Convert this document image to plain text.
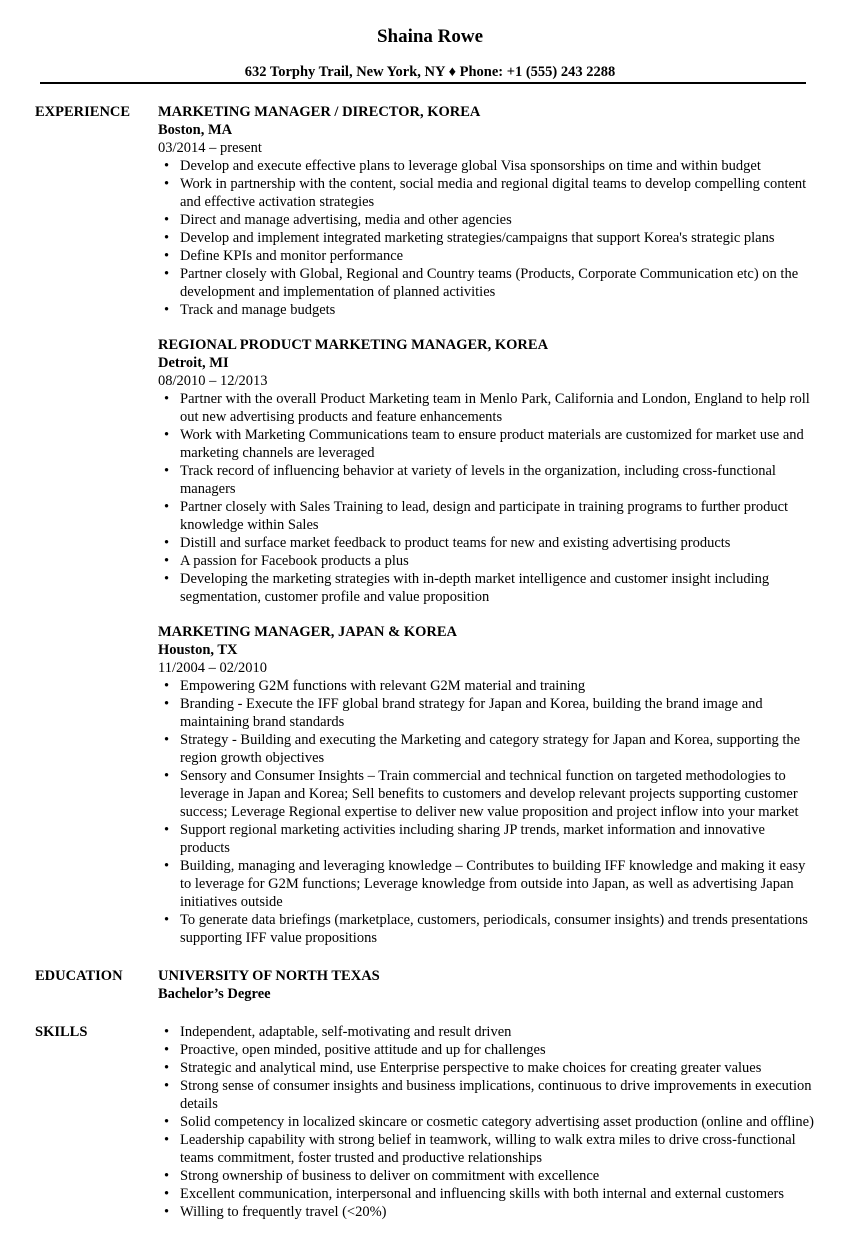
Shaina Rowe
632 Torphy Trail, New York, NY ♦ Phone: +1 (555) 243 2288
EXPERIENCE MARKETING MANAGER / DIRECTOR, KOREA
Boston, MA
03/2014 – present
• Develop and execute effective plans to leverage global Visa sponsorships on time and within budget
• Work in partnership with the content, social media and regional digital teams to develop compelling content and effective activation strategies
• Direct and manage advertising, media and other agencies
• Develop and implement integrated marketing strategies/campaigns that support Korea's strategic plans
• Define KPIs and monitor performance
• Partner closely with Global, Regional and Country teams (Products, Corporate Communication etc) on the development and implementation of planned activities
• Track and manage budgets
REGIONAL PRODUCT MARKETING MANAGER, KOREA
Detroit, MI
08/2010 – 12/2013
• Partner with the overall Product Marketing team in Menlo Park, California and London, England to help roll out new advertising products and feature enhancements
• Work with Marketing Communications team to ensure product materials are customized for market use and marketing channels are leveraged
• Track record of influencing behavior at variety of levels in the organization, including cross-functional managers
• Partner closely with Sales Training to lead, design and participate in training programs to further product knowledge within Sales
• Distill and surface market feedback to product teams for new and existing advertising products
• A passion for Facebook products a plus
• Developing the marketing strategies with in-depth market intelligence and customer insight including segmentation, customer profile and value proposition
MARKETING MANAGER, JAPAN & KOREA
Houston, TX
11/2004 – 02/2010
• Empowering G2M functions with relevant G2M material and training
• Branding - Execute the IFF global brand strategy for Japan and Korea, building the brand image and maintaining brand standards
• Strategy - Building and executing the Marketing and category strategy for Japan and Korea, supporting the region growth objectives
• Sensory and Consumer Insights – Train commercial and technical function on targeted methodologies to leverage in Japan and Korea; Sell benefits to customers and develop relevant projects supporting customer success; Leverage Regional expertise to deliver new value proposition and project inflow into your market
• Support regional marketing activities including sharing JP trends, market information and innovative products
• Building, managing and leveraging knowledge – Contributes to building IFF knowledge and making it easy to leverage for G2M functions; Leverage knowledge from outside into Japan, as well as advertising Japan initiatives outside
• To generate data briefings (marketplace, customers, periodicals, consumer insights) and trends presentations supporting IFF value propositions
EDUCATION UNIVERSITY OF NORTH TEXAS
Bachelor’s Degree
SKILLS
•	Independent, adaptable, self-motivating and result driven
• Proactive, open minded, positive attitude and up for challenges
• Strategic and analytical mind, use Enterprise perspective to make choices for creating greater values
• Strong sense of consumer insights and business implications, continuous to drive improvements in execution details
• Solid competency in localized skincare or cosmetic category advertising asset production (online and offline)
• Leadership capability with strong belief in teamwork, willing to walk extra miles to drive cross-functional teams commitment, foster trusted and productive relationships
• Strong ownership of business to deliver on commitment with excellence
• Excellent communication, interpersonal and influencing skills with both internal and external customers
• Willing to frequently travel (<20%)
